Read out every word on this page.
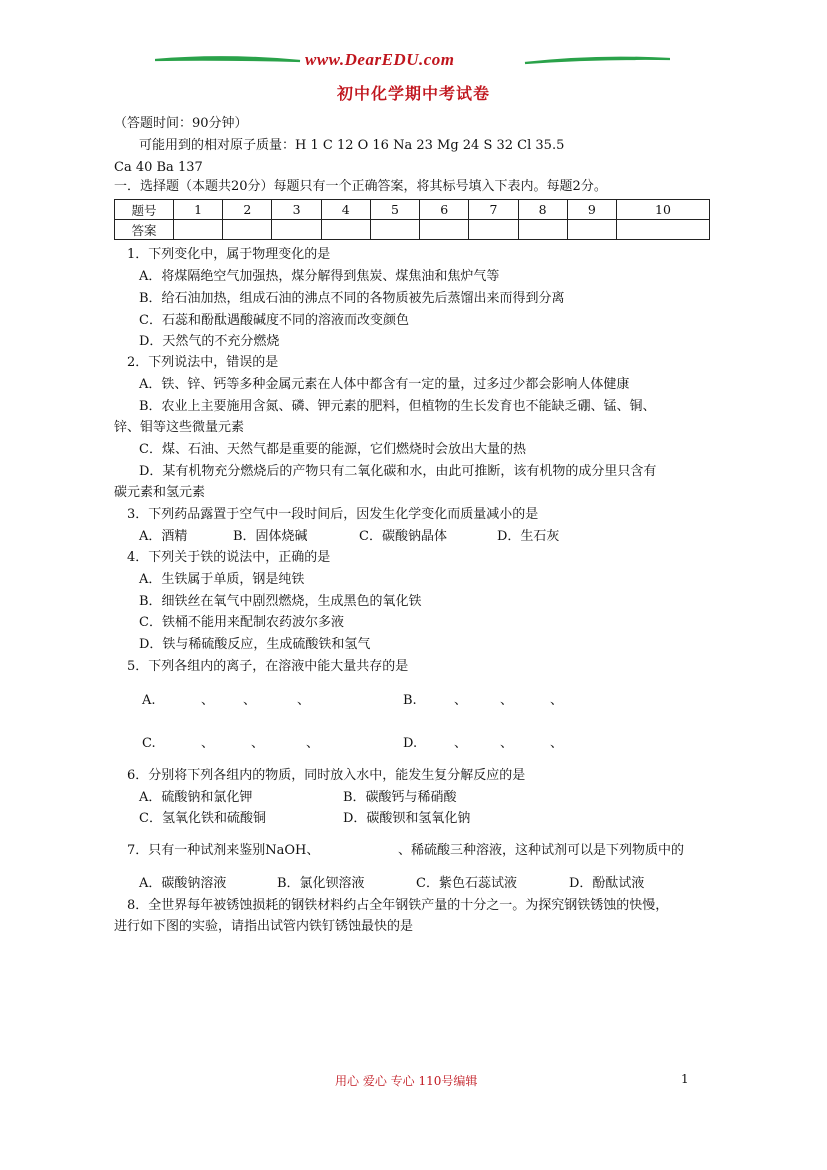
www.DearEDU.com
初中化学期中考试卷
（答题时间：90分钟）
可能用到的相对原子质量：H 1 C 12 O 16 Na 23 Mg 24 S 32 Cl 35.5
Ca 40 Ba 137
一．选择题（本题共20分）每题只有一个正确答案，将其标号填入下表内。每题2分。
题号	1	2	3	4	5	6	7	8	9	10
答案										
1．下列变化中，属于物理变化的是
A．将煤隔绝空气加强热，煤分解得到焦炭、煤焦油和焦炉气等
B．给石油加热，组成石油的沸点不同的各物质被先后蒸馏出来而得到分离
C．石蕊和酚酞遇酸碱度不同的溶液而改变颜色
D．天然气的不充分燃烧
2．下列说法中，错误的是
A．铁、锌、钙等多种金属元素在人体中都含有一定的量，过多过少都会影响人体健康
B．农业上主要施用含氮、磷、钾元素的肥料，但植物的生长发育也不能缺乏硼、锰、铜、
锌、钼等这些微量元素
C．煤、石油、天然气都是重要的能源，它们燃烧时会放出大量的热
D．某有机物充分燃烧后的产物只有二氧化碳和水，由此可推断，该有机物的成分里只含有
碳元素和氢元素
3．下列药品露置于空气中一段时间后，因发生化学变化而质量减小的是
A．酒精	B．固体烧碱	C．碳酸钠晶体	D．生石灰
4．下列关于铁的说法中，正确的是
A．生铁属于单质，钢是纯铁
B．细铁丝在氧气中剧烈燃烧，生成黑色的氧化铁
C．铁桶不能用来配制农药波尔多液
D．铁与稀硫酸反应，生成硫酸铁和氢气
5．下列各组内的离子，在溶液中能大量共存的是
A.	、 、	、	B.	、	、	、
C.	、	、	、	D.	、	、	、
6．分别将下列各组内的物质，同时放入水中，能发生复分解反应的是
A．硫酸钠和氯化钾	B．碳酸钙与稀硝酸
C．氢氧化铁和硫酸铜	D．碳酸钡和氢氧化钠
7．只有一种试剂来鉴别NaOH、	、稀硫酸三种溶液，这种试剂可以是下列物质中的
A．碳酸钠溶液	B．氯化钡溶液	C．紫色石蕊试液	D．酚酞试液
8．全世界每年被锈蚀损耗的钢铁材料约占全年钢铁产量的十分之一。为探究钢铁锈蚀的快慢，
进行如下图的实验，请指出试管内铁钉锈蚀最快的是
用心 爱心 专心 110号编辑	1
